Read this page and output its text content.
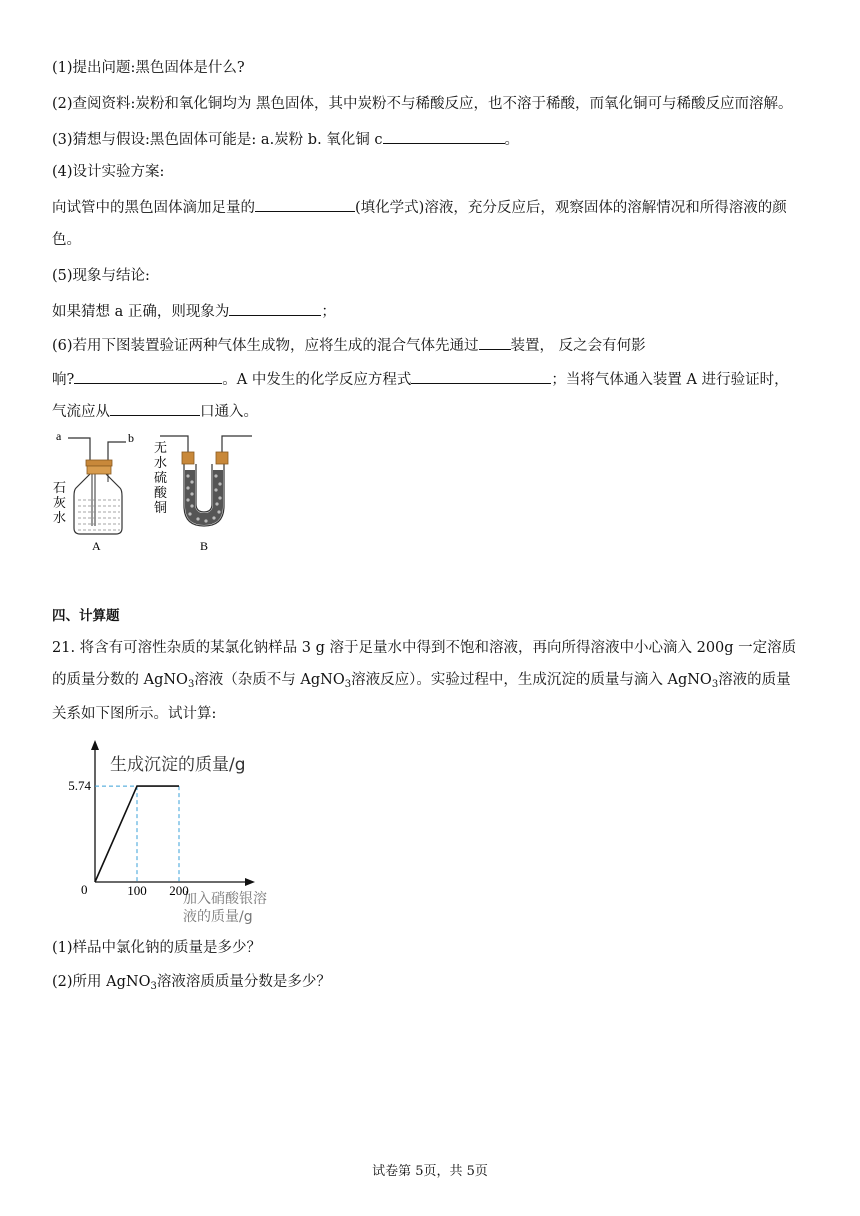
(1)提出问题:黑色固体是什么?
(2)查阅资料:炭粉和氧化铜均为 黑色固体，其中炭粉不与稀酸反应，也不溶于稀酸，而氧化铜可与稀酸反应而溶解。
(3)猜想与假设:黑色固体可能是: a.炭粉 b. 氧化铜 c	。
(4)设计实验方案:
向试管中的黑色固体滴加足量的	(填化学式)溶液，充分反应后，观察固体的溶解情况和所得溶液的颜
色。
(5)现象与结论:
如果猜想 a 正确，则现象为	；
(6)若用下图装置验证两种气体生成物，应将生成的混合气体先通过 装置， 反之会有何影
响?	。A 中发生的化学反应方程式	；当将气体通入装置 A 进行验证时，
气流应从	口通入。
a	b
石
灰
水
A
无
水
硫
酸
铜
B
四、计算题
21. 将含有可溶性杂质的某氯化钠样品 3 g 溶于足量水中得到不饱和溶液，再向所得溶液中小心滴入 200g 一定溶质
的质量分数的 AgNO$_3$溶液（杂质不与 AgNO$_3$溶液反应）。实验过程中，生成沉淀的质量与滴入 AgNO$_3$溶液的质量
关系如下图所示。试计算:
生成沉淀的质量/g
加入硝酸银溶
液的质量/g
0	100 200
5.74
(1)样品中氯化钠的质量是多少？
(2)所用 AgNO$_3$溶液溶质质量分数是多少？
试卷第 5页，共 5页
